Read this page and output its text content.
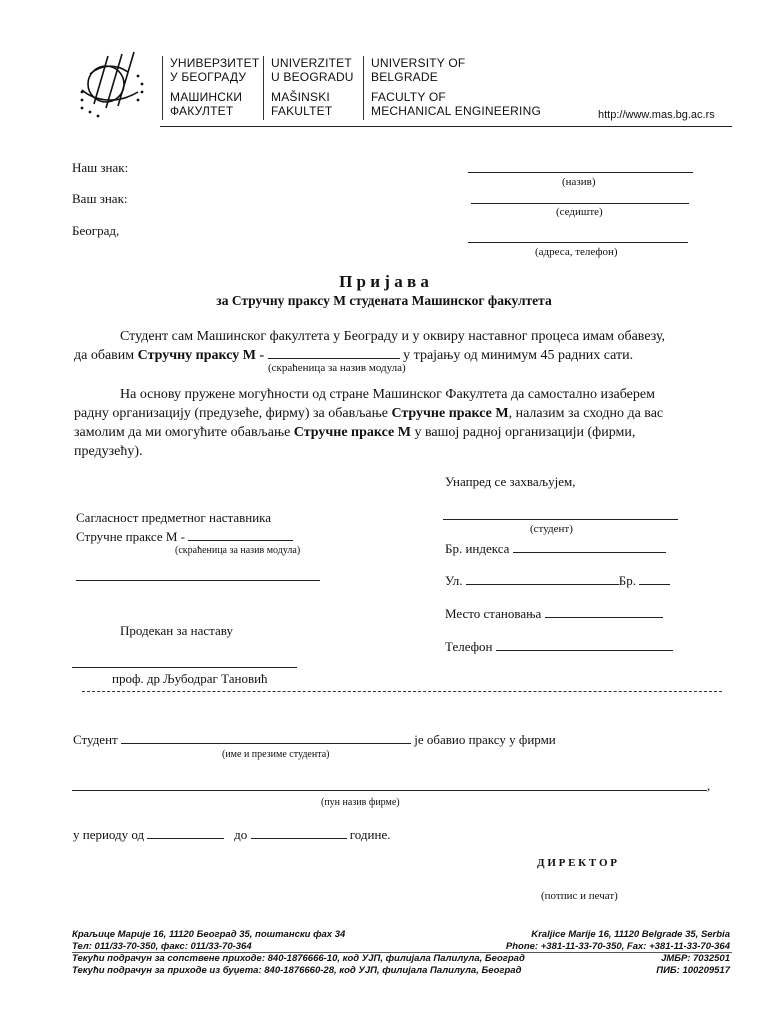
УНИВЕРЗИТЕТ
У БЕОГРАДУ
МАШИНСКИ
ФАКУЛТЕТ
UNIVERZITET
U BEOGRADU
MAŠINSKI
FAKULTET
UNIVERSITY OF
BELGRADE
FACULTY OF
MECHANICAL ENGINEERING	http://www.mas.bg.ac.rs
Наш знак:
Ваш знак:
Београд,
(назив)
(седиште)
(адреса, телефон)
П р и ј а в а
за Стручну праксу М студената Машинског факултета
Студент сам Машинског факултета у Београду и у оквиру наставног процеса имам обавезу,
да обавим Стручну праксу М -	у трајању од минимум 45 радних сати.
(скраћеница за назив модула)
На основу пружене могућности од стране Машинског Факултета да самостално изаберем
радну организацију (предузеће, фирму) за обављање Стручне праксе М, налазим за сходно да вас
замолим да ми омогућите обављање Стручне праксе М у вашој радној организацији (фирми,
предузећу).
Унапред се захваљујем,
(студент)
Бр. индекса
Ул.	Бр.
Место становања
Телефон
Сагласност предметног наставника
Стручне праксе М -
(скраћеница за назив модула)
Продекан за наставу
проф. др Љубодраг Тановић
Студент	је обавио праксу у фирми
(име и презиме студента)
,
(пун назив фирме)
у периоду од	до	године.
Д И Р Е К Т О Р
(потпис и печат)
Краљице Марије 16, 11120 Београд 35, поштански фах 34
Тел: 011/33-70-350, факс: 011/33-70-364
Текући подрачун за сопствене приходе: 840-1876666-10, код УЈП, филијала Палилула, Београд
Текући подрачун за приходе из буџета: 840-1876660-28, код УЈП, филијала Палилула, Београд
Kraljice Marije 16, 11120 Belgrade 35, Serbia
Phone: +381-11-33-70-350, Fax: +381-11-33-70-364
ЈМБР: 7032501
ПИБ: 100209517
